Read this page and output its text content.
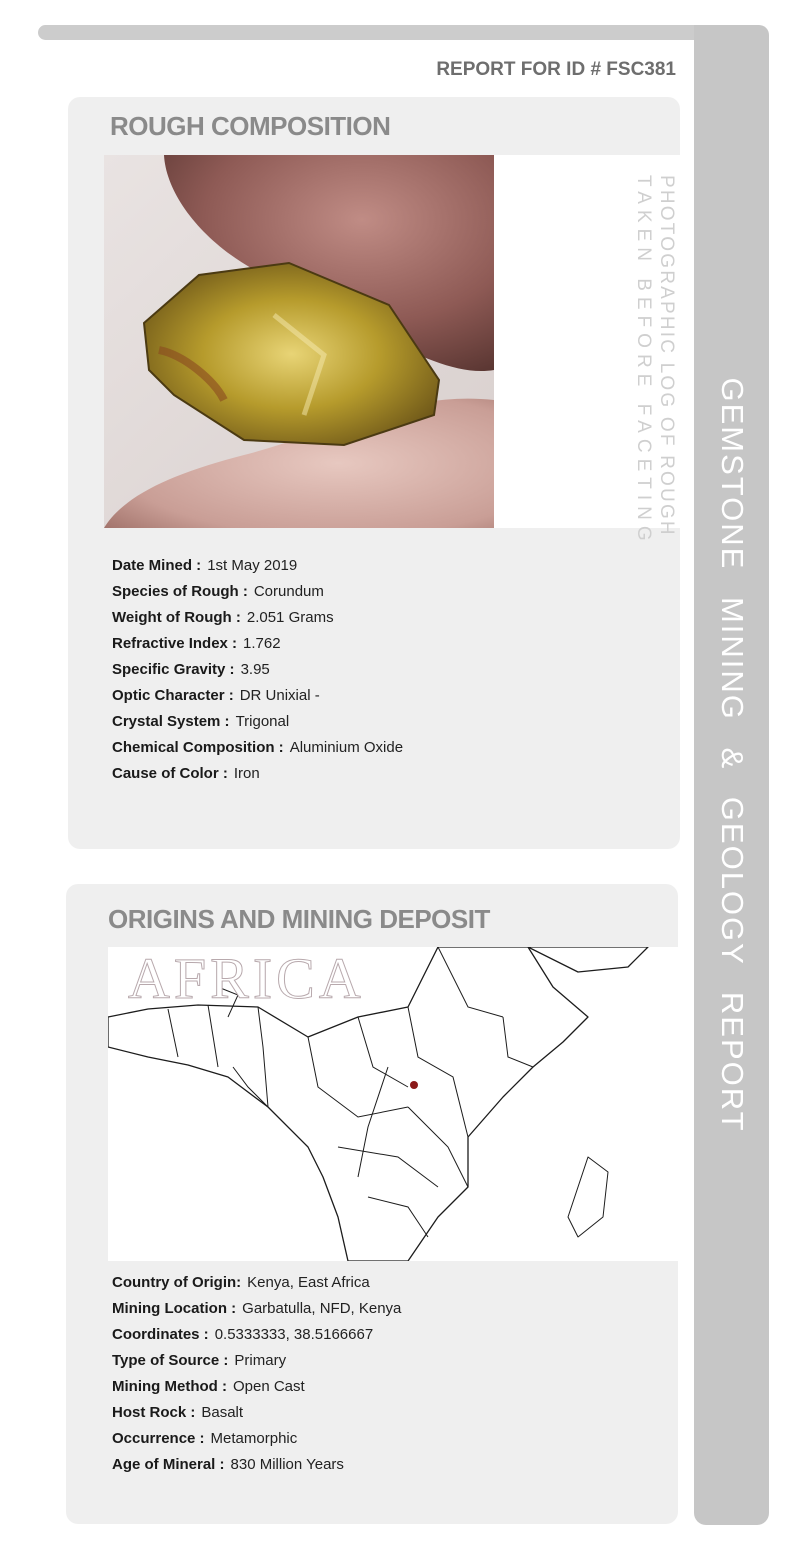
GEMSTONE MINING & GEOLOGY REPORT
REPORT FOR ID # FSC381
ROUGH COMPOSITION
PHOTOGRAPHIC LOG OF ROUGH
TAKEN BEFORE FACETING
Date Mined : 1st May 2019
Species of Rough : Corundum
Weight of Rough : 2.051 Grams
Refractive Index : 1.762
Specific Gravity : 3.95
Optic Character : DR Unixial -
Crystal System : Trigonal
Chemical Composition : Aluminium Oxide
Cause of Color : Iron
ORIGINS AND MINING DEPOSIT
AFRICA
Country of Origin: Kenya, East Africa
Mining Location : Garbatulla, NFD, Kenya
Coordinates : 0.5333333, 38.5166667
Type of Source : Primary
Mining Method : Open Cast
Host Rock : Basalt
Occurrence : Metamorphic
Age of Mineral : 830 Million Years
